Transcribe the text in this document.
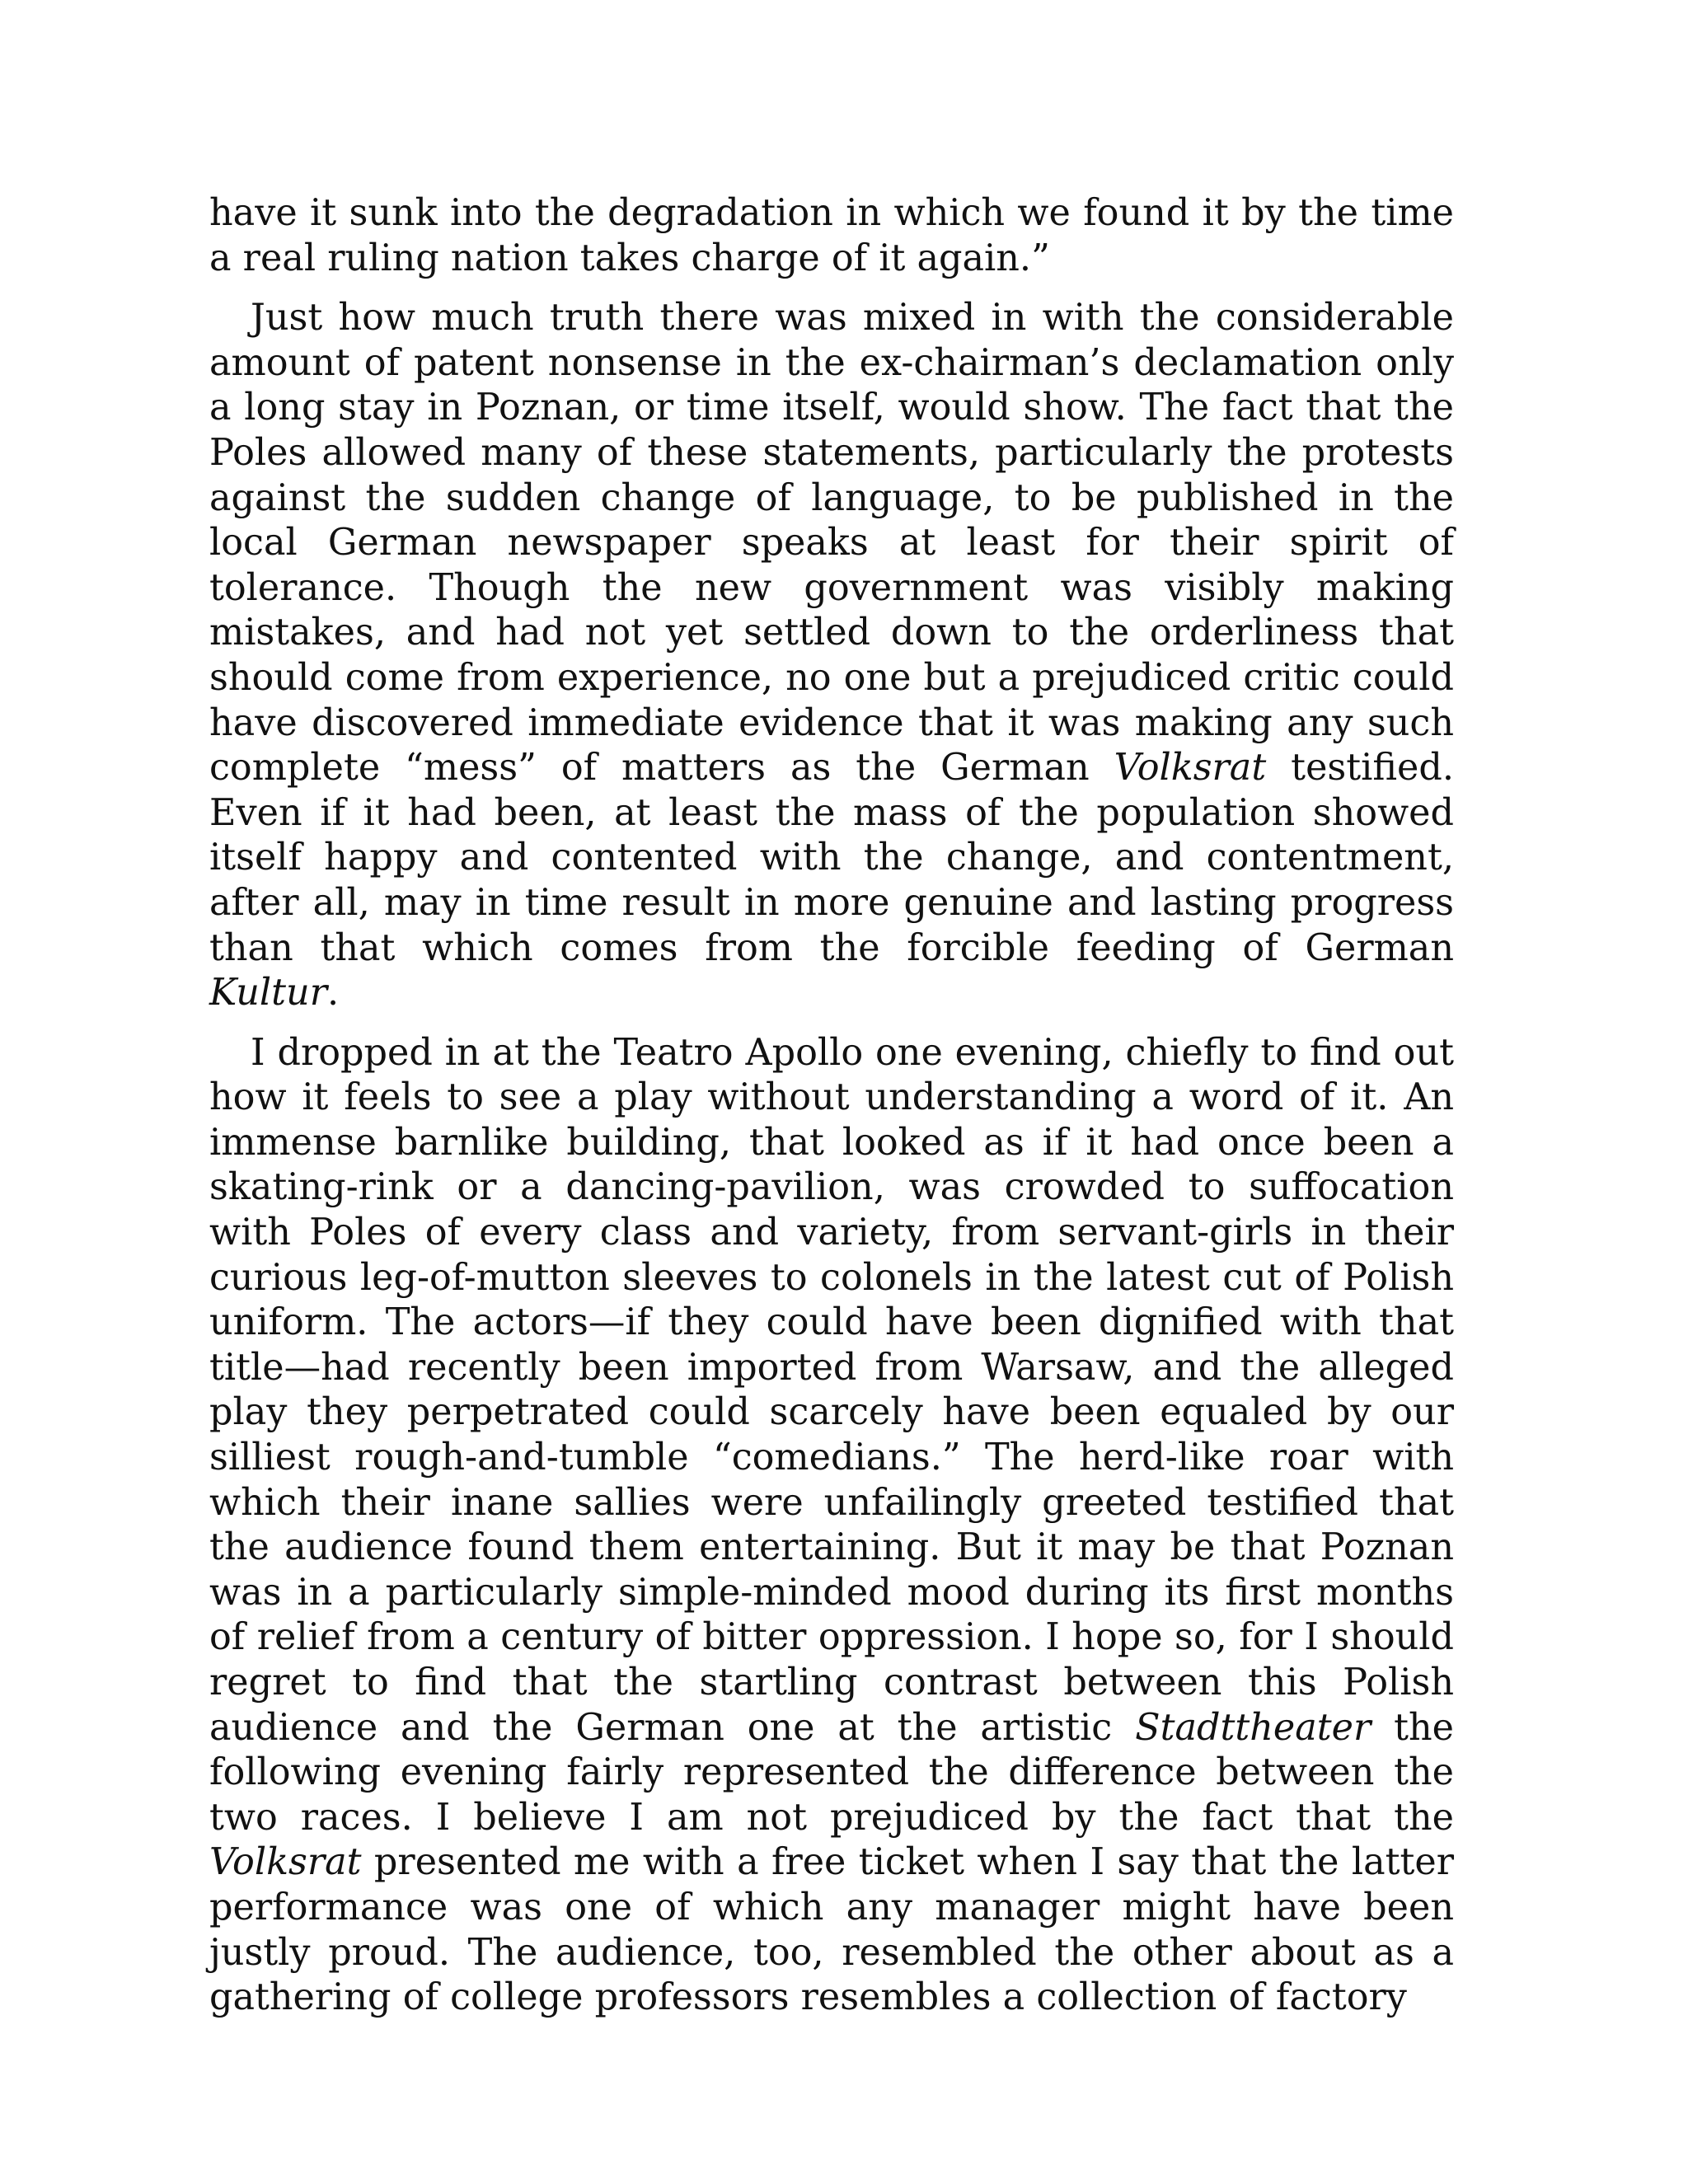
have it sunk into the degradation in which we found it by the time a real ruling nation takes charge of it again.”

Just how much truth there was mixed in with the considerable amount of patent nonsense in the ex-chairman’s declamation only a long stay in Poznan, or time itself, would show. The fact that the Poles allowed many of these statements, particularly the protests against the sudden change of language, to be published in the local German newspaper speaks at least for their spirit of tolerance. Though the new government was visibly making mistakes, and had not yet settled down to the orderliness that should come from experience, no one but a prejudiced critic could have discovered immediate evidence that it was making any such complete “mess” of matters as the German Volksrat testified. Even if it had been, at least the mass of the population showed itself happy and contented with the change, and contentment, after all, may in time result in more genuine and lasting progress than that which comes from the forcible feeding of German Kultur.

I dropped in at the Teatro Apollo one evening, chiefly to find out how it feels to see a play without understanding a word of it. An immense barnlike building, that looked as if it had once been a skating-rink or a dancing-pavilion, was crowded to suffocation with Poles of every class and variety, from servant-girls in their curious leg-of-mutton sleeves to colonels in the latest cut of Polish uniform. The actors—if they could have been dignified with that title—had recently been imported from Warsaw, and the alleged play they perpetrated could scarcely have been equaled by our silliest rough-and-tumble “comedians.” The herd-like roar with which their inane sallies were unfailingly greeted testified that the audience found them entertaining. But it may be that Poznan was in a particularly simple-minded mood during its first months of relief from a century of bitter oppression. I hope so, for I should regret to find that the startling contrast between this Polish audience and the German one at the artistic Stadttheater the following evening fairly represented the difference between the two races. I believe I am not prejudiced by the fact that the Volksrat presented me with a free ticket when I say that the latter performance was one of which any manager might have been justly proud. The audience, too, resembled the other about as a gathering of college professors resembles a collection of factory
